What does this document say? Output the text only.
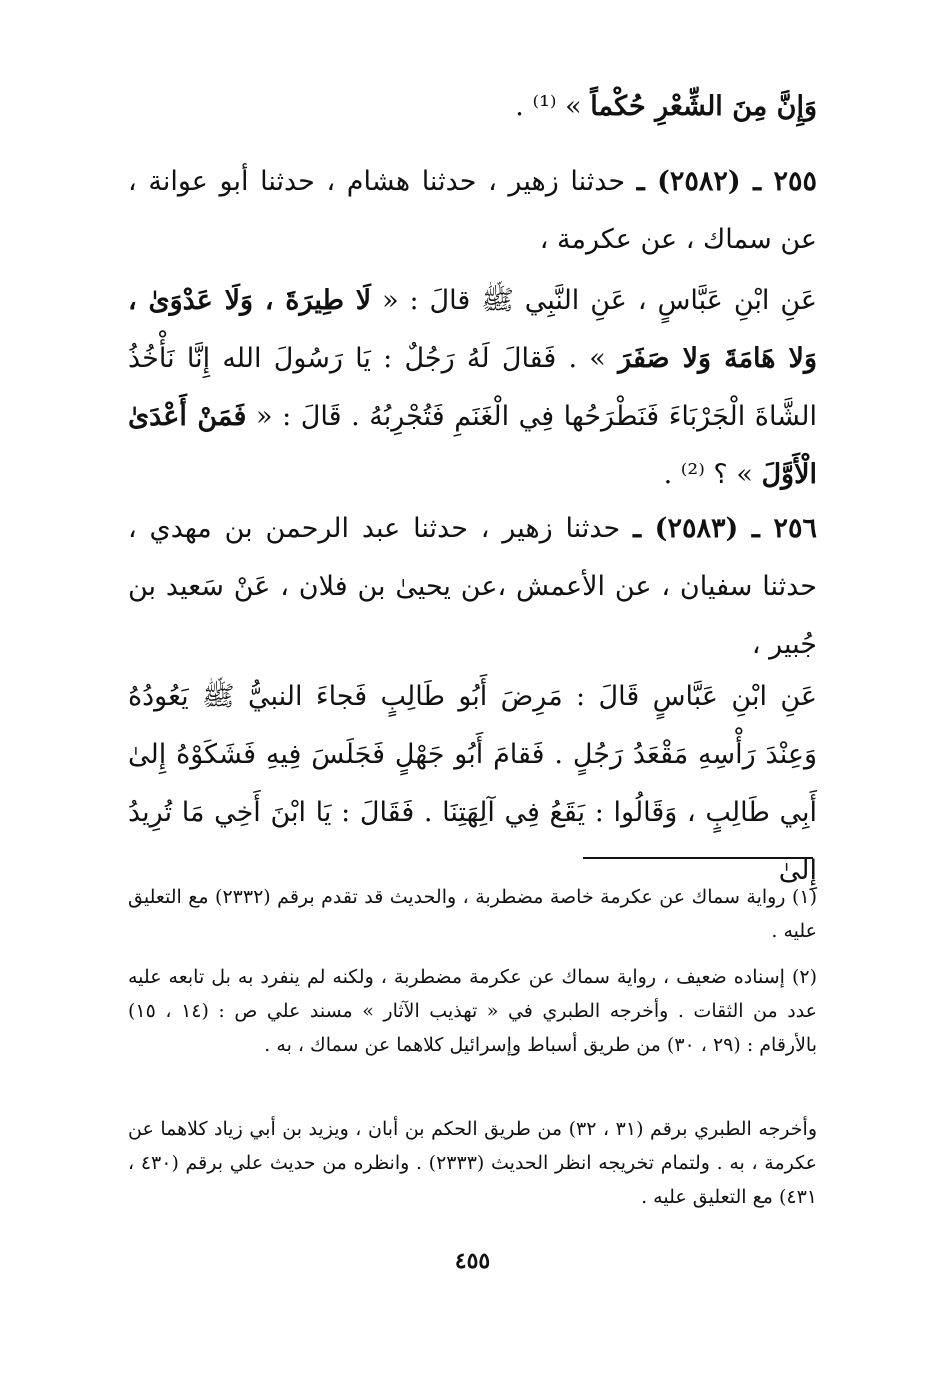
وَإِنَّ مِنَ الشِّعْرِ حُكْماً » ⁽¹⁾ .
٢٥٥ ـ (٢٥٨٢) ـ حدثنا زهير ، حدثنا هشام ، حدثنا أبو عوانة ، عن سماك ، عن عكرمة ،
عَنِ ابْنِ عَبَّاسٍ ، عَنِ النَّبِي ﷺ قالَ : « لَا طِيرَةَ ، وَلَا عَدْوَىٰ ، وَلا هَامَةَ وَلا صَفَرَ » . فَقالَ لَهُ رَجُلٌ : يَا رَسُولَ الله إِنَّا نَأْخُذُ الشَّاةَ الْجَرْبَاءَ فَنَطْرَحُها فِي الْغَنَمِ فَتُجْرِبُهُ . قَالَ : « فَمَنْ أَعْدَىٰ الْأَوَّلَ » ؟ ⁽²⁾ .
٢٥٦ ـ (٢٥٨٣) ـ حدثنا زهير ، حدثنا عبد الرحمن بن مهدي ، حدثنا سفيان ، عن الأعمش ،عن يحيىٰ بن فلان ، عَنْ سَعيد بن جُبير ،
عَنِ ابْنِ عَبَّاسٍ قَالَ : مَرِضَ أَبُو طَالِبٍ فَجاءَ النبيُّ ﷺ يَعُودُهُ وَعِنْدَ رَأْسِهِ مَقْعَدُ رَجُلٍ . فَقامَ أَبُو جَهْلٍ فَجَلَسَ فِيهِ فَشَكَوْهُ إِلىٰ أَبِي طَالِبٍ ، وَقَالُوا : يَقَعُ فِي آلِهَتِنَا . فَقَالَ : يَا ابْنَ أَخِي مَا تُرِيدُ إِلىٰ
(١) رواية سماك عن عكرمة خاصة مضطربة ، والحديث قد تقدم برقم (٢٣٣٢) مع التعليق عليه .
(٢) إسناده ضعيف ، رواية سماك عن عكرمة مضطربة ، ولكنه لم ينفرد به بل تابعه عليه عدد من الثقات . وأخرجه الطبري في « تهذيب الآثار » مسند علي ص : (١٤ ، ١٥) بالأرقام : (٢٩ ، ٣٠) من طريق أسباط وإسرائيل كلاهما عن سماك ، به .
وأخرجه الطبري برقم (٣١ ، ٣٢) من طريق الحكم بن أبان ، ويزيد بن أبي زياد كلاهما عن عكرمة ، به . ولتمام تخريجه انظر الحديث (٢٣٣٣) . وانظره من حديث علي برقم (٤٣٠ ، ٤٣١) مع التعليق عليه .
٤٥٥
